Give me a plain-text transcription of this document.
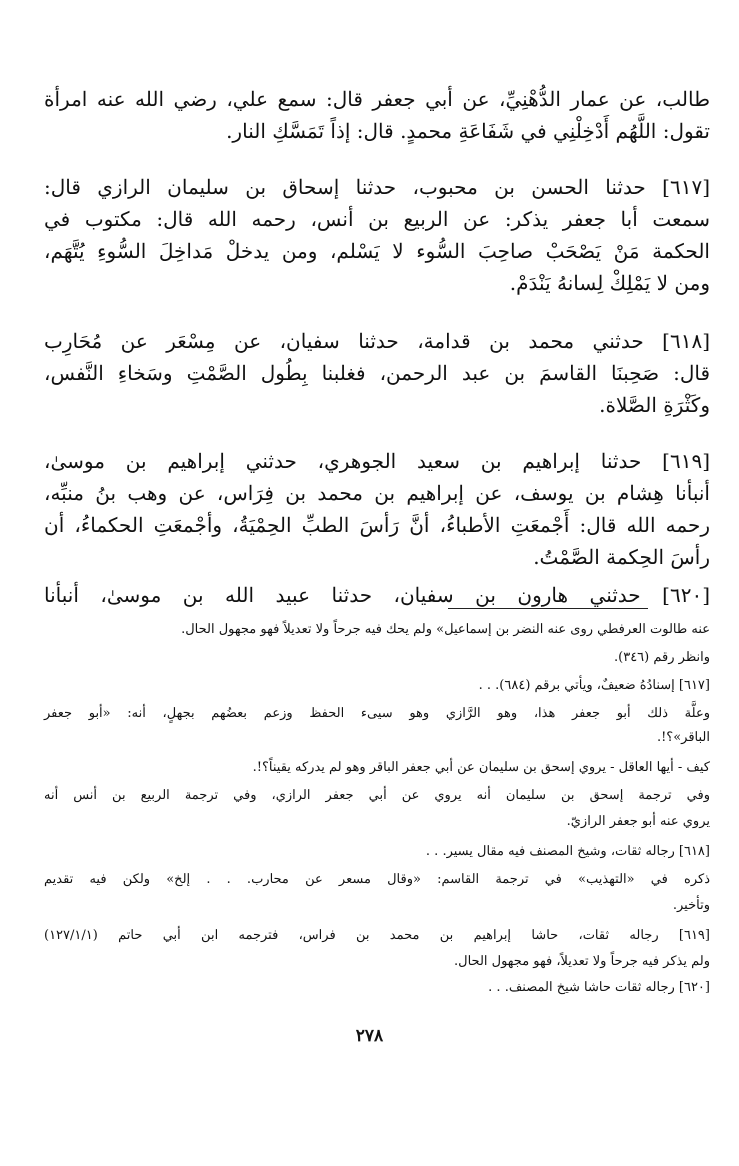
طالب، عن عمار الدُّهْنِيِّ، عن أبي جعفر قال: سمع علي، رضي الله عنه امرأة
تقول: اللَّهُم أَدْخِلْنِي في شَفَاعَةِ محمدٍ. قال: إذاً تَمَسَّكِ النار.
[٦١٧] حدثنا الحسن بن محبوب، حدثنا إسحاق بن سليمان الرازي قال:
سمعت أبا جعفر يذكر: عن الربيع بن أنس، رحمه الله قال: مكتوب في
الحكمة مَنْ يَصْحَبْ صاحِبَ السُّوء لا يَسْلم، ومن يدخلْ مَداخِلَ السُّوءِ يُتَّهَم،
ومن لا يَمْلِكْ لِسانهُ يَنْدَمْ.
[٦١٨] حدثني محمد بن قدامة، حدثنا سفيان، عن مِسْعَر عن مُحَارِب
قال: صَحِبنَا القاسمَ بن عبد الرحمن، فغلبنا بِطُول الصَّمْتِ وسَخاءِ النَّفس،
وكَثْرَةِ الصَّلاة.
[٦١٩] حدثنا إبراهيم بن سعيد الجوهري، حدثني إبراهيم بن موسىٰ،
أنبأنا هِشام بن يوسف، عن إبراهيم بن محمد بن فِرَاس، عن وهب بنُ منبِّه،
رحمه الله قال: أَجْمعَتِ الأطباءُ، أنَّ رَأسَ الطبِّ الحِمْيَةُ، وأجْمعَتِ الحكماءُ، أن
رأسَ الحِكمة الصَّمْتُ.
[٦٢٠] حدثني هارون بن سفيان، حدثنا عبيد الله بن موسىٰ، أنبأنا
عنه طالوت العرفطي روى عنه النضر بن إسماعيل» ولم يحك فيه جرحاً ولا تعديلاً فهو مجهول الحال.
وانظر رقم (٣٤٦).
[٦١٧] إسنادُهُ ضعيفٌ، ويأتي برقم (٦٨٤). . .
وعلَّة ذلك أبو جعفر هذا، وهو الرَّازي وهو سيىء الحفظ وزعم بعضُهم بجهلٍ، أنه: «أبو جعفر
الباقر»؟!.
كيف - أيها العاقل - يروي إسحق بن سليمان عن أبي جعفر الباقر وهو لم يدركه يقيناً؟!.
وفي ترجمة إسحق بن سليمان أنه يروي عن أبي جعفر الرازي، وفي ترجمة الربيع بن أنس أنه
يروي عنه أبو جعفر الرازيّ.
[٦١٨] رجاله ثقات، وشيخ المصنف فيه مقال يسير. . .
ذكره في «التهذيب» في ترجمة القاسم: «وقال مسعر عن محارب. . . إلخ» ولكن فيه تقديم
وتأخير.
[٦١٩] رجاله ثقات، حاشا إبراهيم بن محمد بن فراس، فترجمه ابن أبي حاتم (١٢٧/١/١)
ولم يذكر فيه جرحاً ولا تعديلاً، فهو مجهول الحال.
[٦٢٠] رجاله ثقات حاشا شيخ المصنف. . .
٢٧٨
